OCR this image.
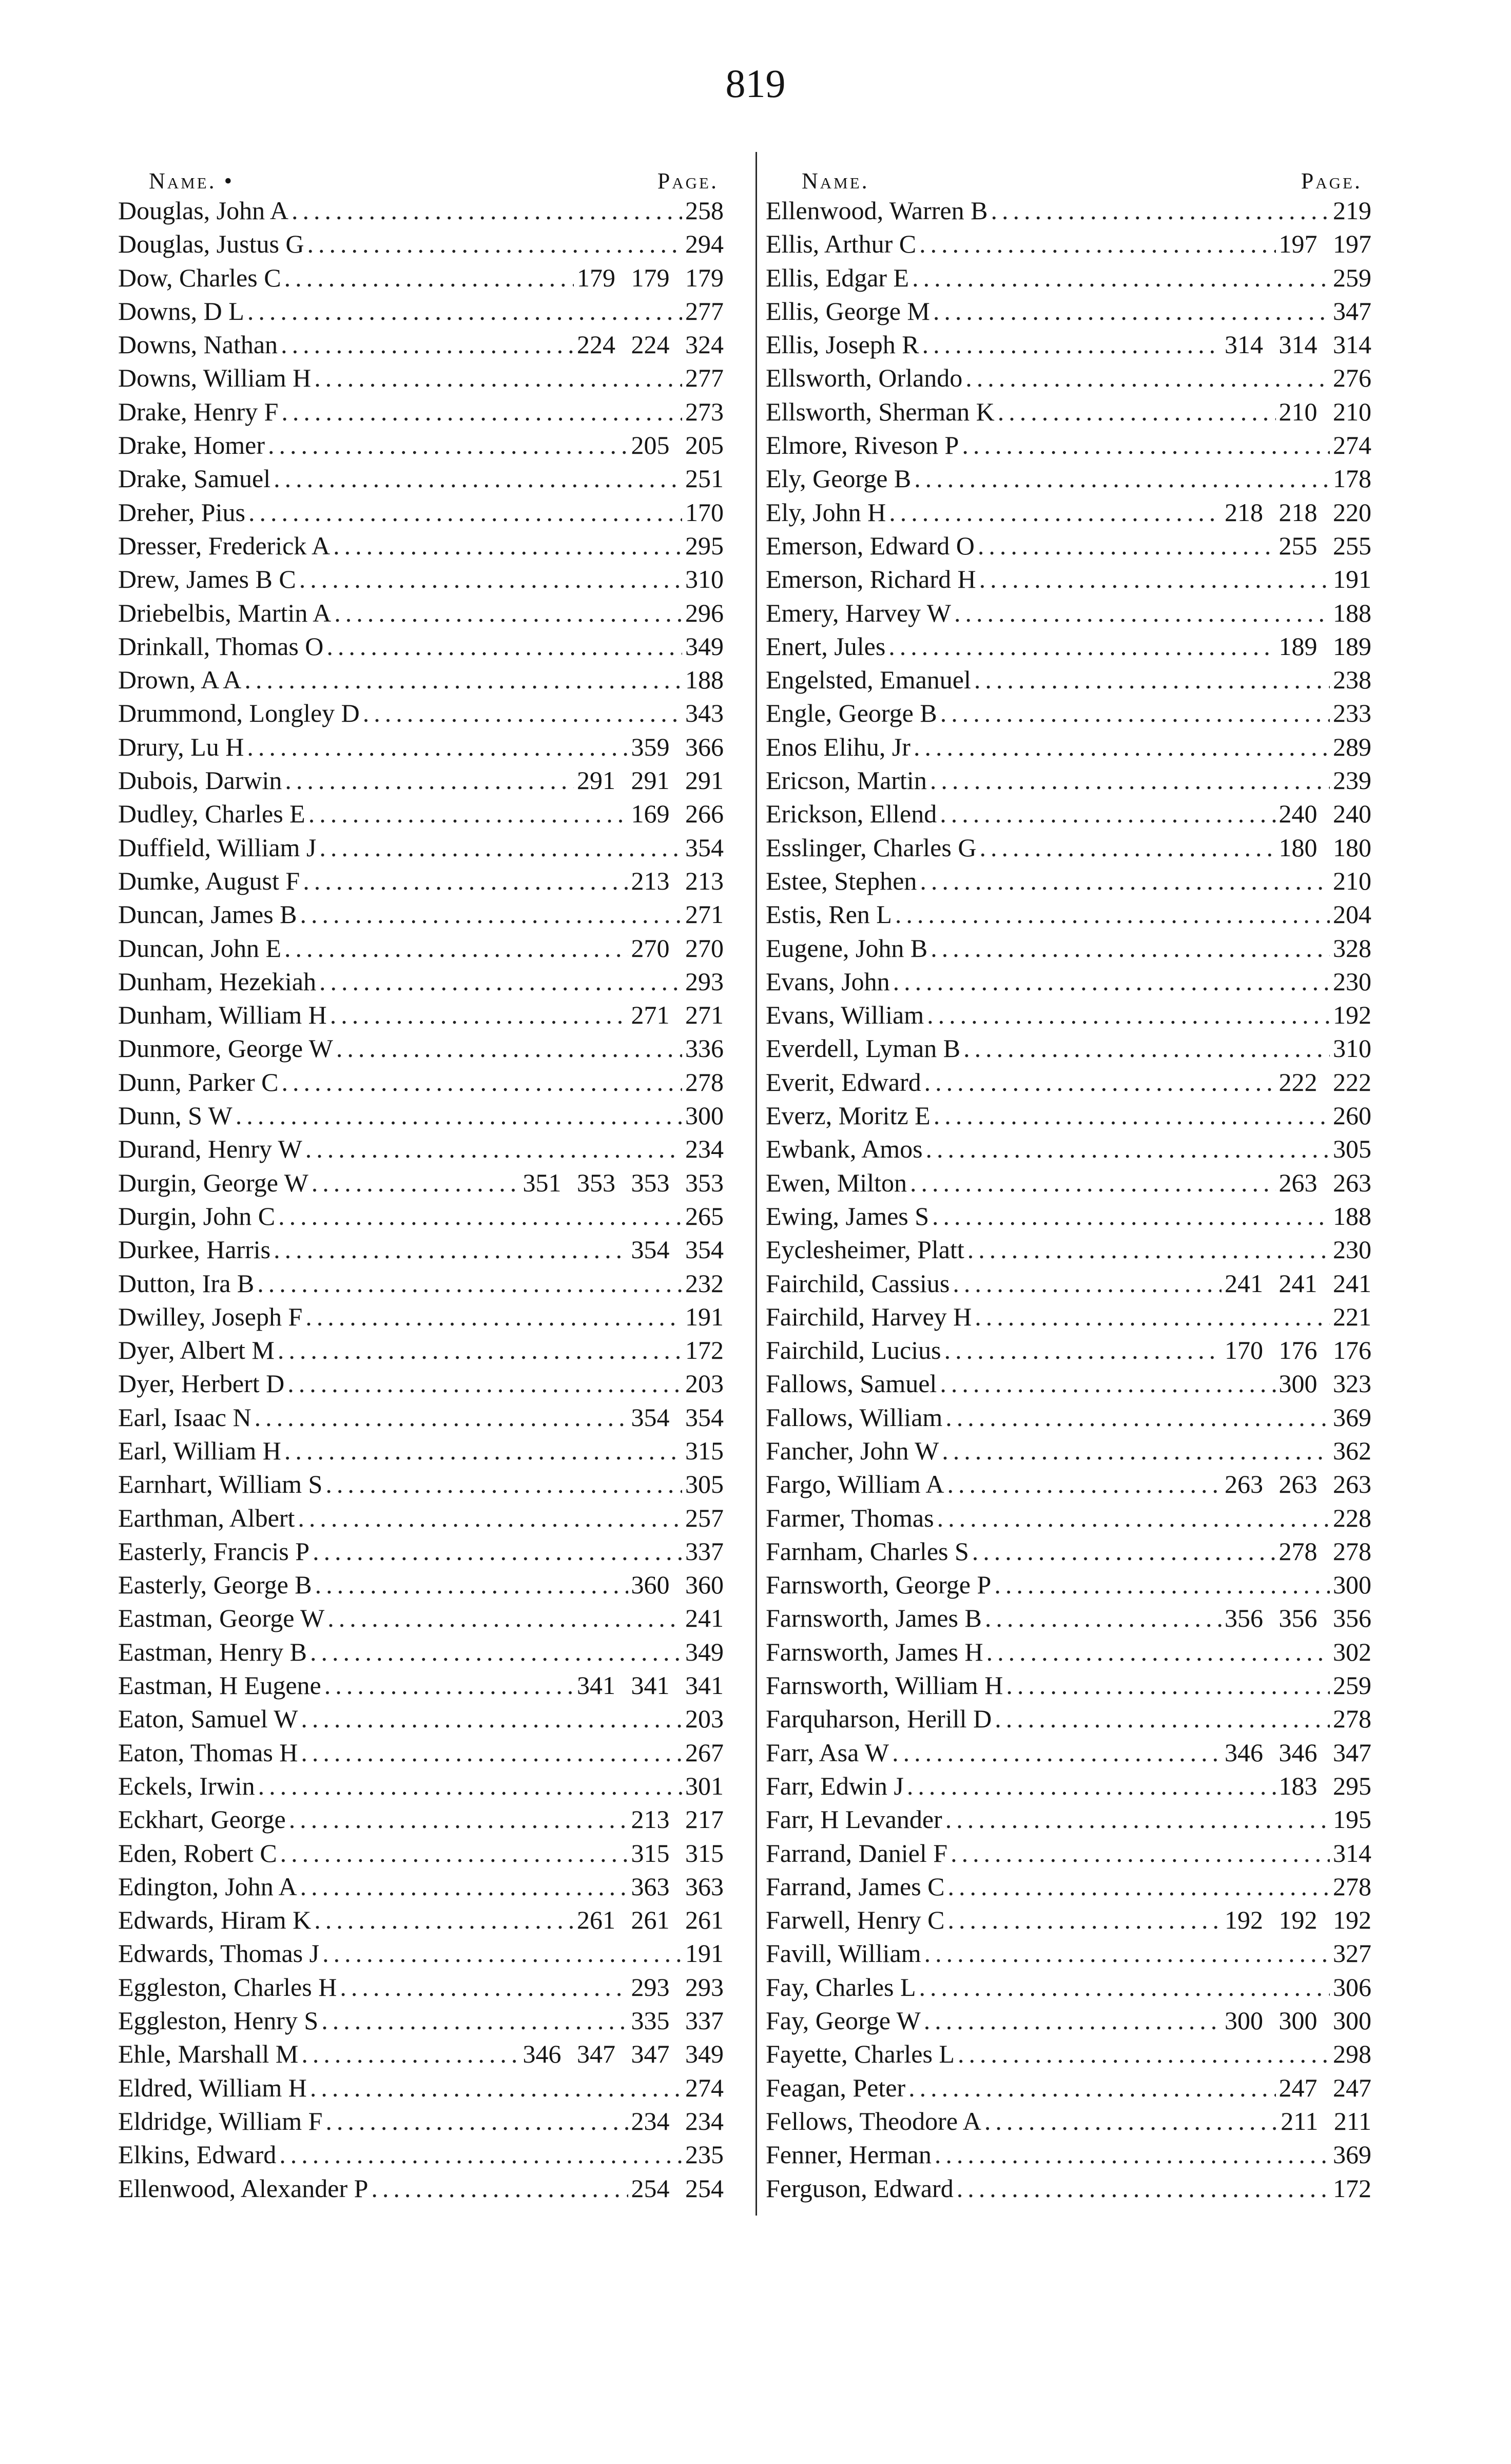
819
Name. •	Page.
Douglas, John A .....	258
Douglas, Justus G .....	294
Dow, Charles C .....	179 179 179
Downs, D L .....	277
Downs, Nathan .....	224 224 324
Downs, William H .....	277
Drake, Henry F .....	273
Drake, Homer .....	205 205
Drake, Samuel .....	251
Dreher, Pius .....	170
Dresser, Frederick A .....	295
Drew, James B C .....	310
Driebelbis, Martin A .....	296
Drinkall, Thomas O .....	349
Drown, A A .....	188
Drummond, Longley D .....	343
Drury, Lu H .....	359 366
Dubois, Darwin .....	291 291 291
Dudley, Charles E .....	169 266
Duffield, William J .....	354
Dumke, August F .....	213 213
Duncan, James B .....	271
Duncan, John E .....	270 270
Dunham, Hezekiah .....	293
Dunham, William H .....	271 271
Dunmore, George W .....	336
Dunn, Parker C .....	278
Dunn, S W .....	300
Durand, Henry W .....	234
Durgin, George W .....	351 353 353 353
Durgin, John C .....	265
Durkee, Harris .....	354 354
Dutton, Ira B .....	232
Dwilley, Joseph F .....	191
Dyer, Albert M .....	172
Dyer, Herbert D .....	203
Earl, Isaac N .....	354 354
Earl, William H .....	315
Earnhart, William S .....	305
Earthman, Albert .....	257
Easterly, Francis P .....	337
Easterly, George B .....	360 360
Eastman, George W .....	241
Eastman, Henry B .....	349
Eastman, H Eugene .....	341 341 341
Eaton, Samuel W .....	203
Eaton, Thomas H .....	267
Eckels, Irwin .....	301
Eckhart, George .....	213 217
Eden, Robert C .....	315 315
Edington, John A .....	363 363
Edwards, Hiram K .....	261 261 261
Edwards, Thomas J .....	191
Eggleston, Charles H .....	293 293
Eggleston, Henry S .....	335 337
Ehle, Marshall M .....	346 347 347 349
Eldred, William H .....	274
Eldridge, William F .....	234 234
Elkins, Edward .....	235
Ellenwood, Alexander P .....	254 254
Name.	Page.
Ellenwood, Warren B .....	219
Ellis, Arthur C .....	197 197
Ellis, Edgar E .....	259
Ellis, George M .....	347
Ellis, Joseph R .....	314 314 314
Ellsworth, Orlando .....	276
Ellsworth, Sherman K .....	210 210
Elmore, Riveson P .....	274
Ely, George B .....	178
Ely, John H .....	218 218 220
Emerson, Edward O .....	255 255
Emerson, Richard H .....	191
Emery, Harvey W .....	188
Enert, Jules .....	189 189
Engelsted, Emanuel .....	238
Engle, George B .....	233
Enos Elihu, Jr .....	289
Ericson, Martin .....	239
Erickson, Ellend .....	240 240
Esslinger, Charles G .....	180 180
Estee, Stephen .....	210
Estis, Ren L .....	204
Eugene, John B .....	328
Evans, John .....	230
Evans, William .....	192
Everdell, Lyman B .....	310
Everit, Edward .....	222 222
Everz, Moritz E .....	260
Ewbank, Amos .....	305
Ewen, Milton .....	263 263
Ewing, James S .....	188
Eyclesheimer, Platt .....	230
Fairchild, Cassius .....	241 241 241
Fairchild, Harvey H .....	221
Fairchild, Lucius .....	170 176 176
Fallows, Samuel .....	300 323
Fallows, William .....	369
Fancher, John W .....	362
Fargo, William A .....	263 263 263
Farmer, Thomas .....	228
Farnham, Charles S .....	278 278
Farnsworth, George P .....	300
Farnsworth, James B .....	356 356 356
Farnsworth, James H .....	302
Farnsworth, William H .....	259
Farquharson, Herill D .....	278
Farr, Asa W .....	346 346 347
Farr, Edwin J .....	183 295
Farr, H Levander .....	195
Farrand, Daniel F .....	314
Farrand, James C .....	278
Farwell, Henry C .....	192 192 192
Favill, William .....	327
Fay, Charles L .....	306
Fay, George W .....	300 300 300
Fayette, Charles L .....	298
Feagan, Peter .....	247 247
Fellows, Theodore A .....	211 211
Fenner, Herman .....	369
Ferguson, Edward .....	172
